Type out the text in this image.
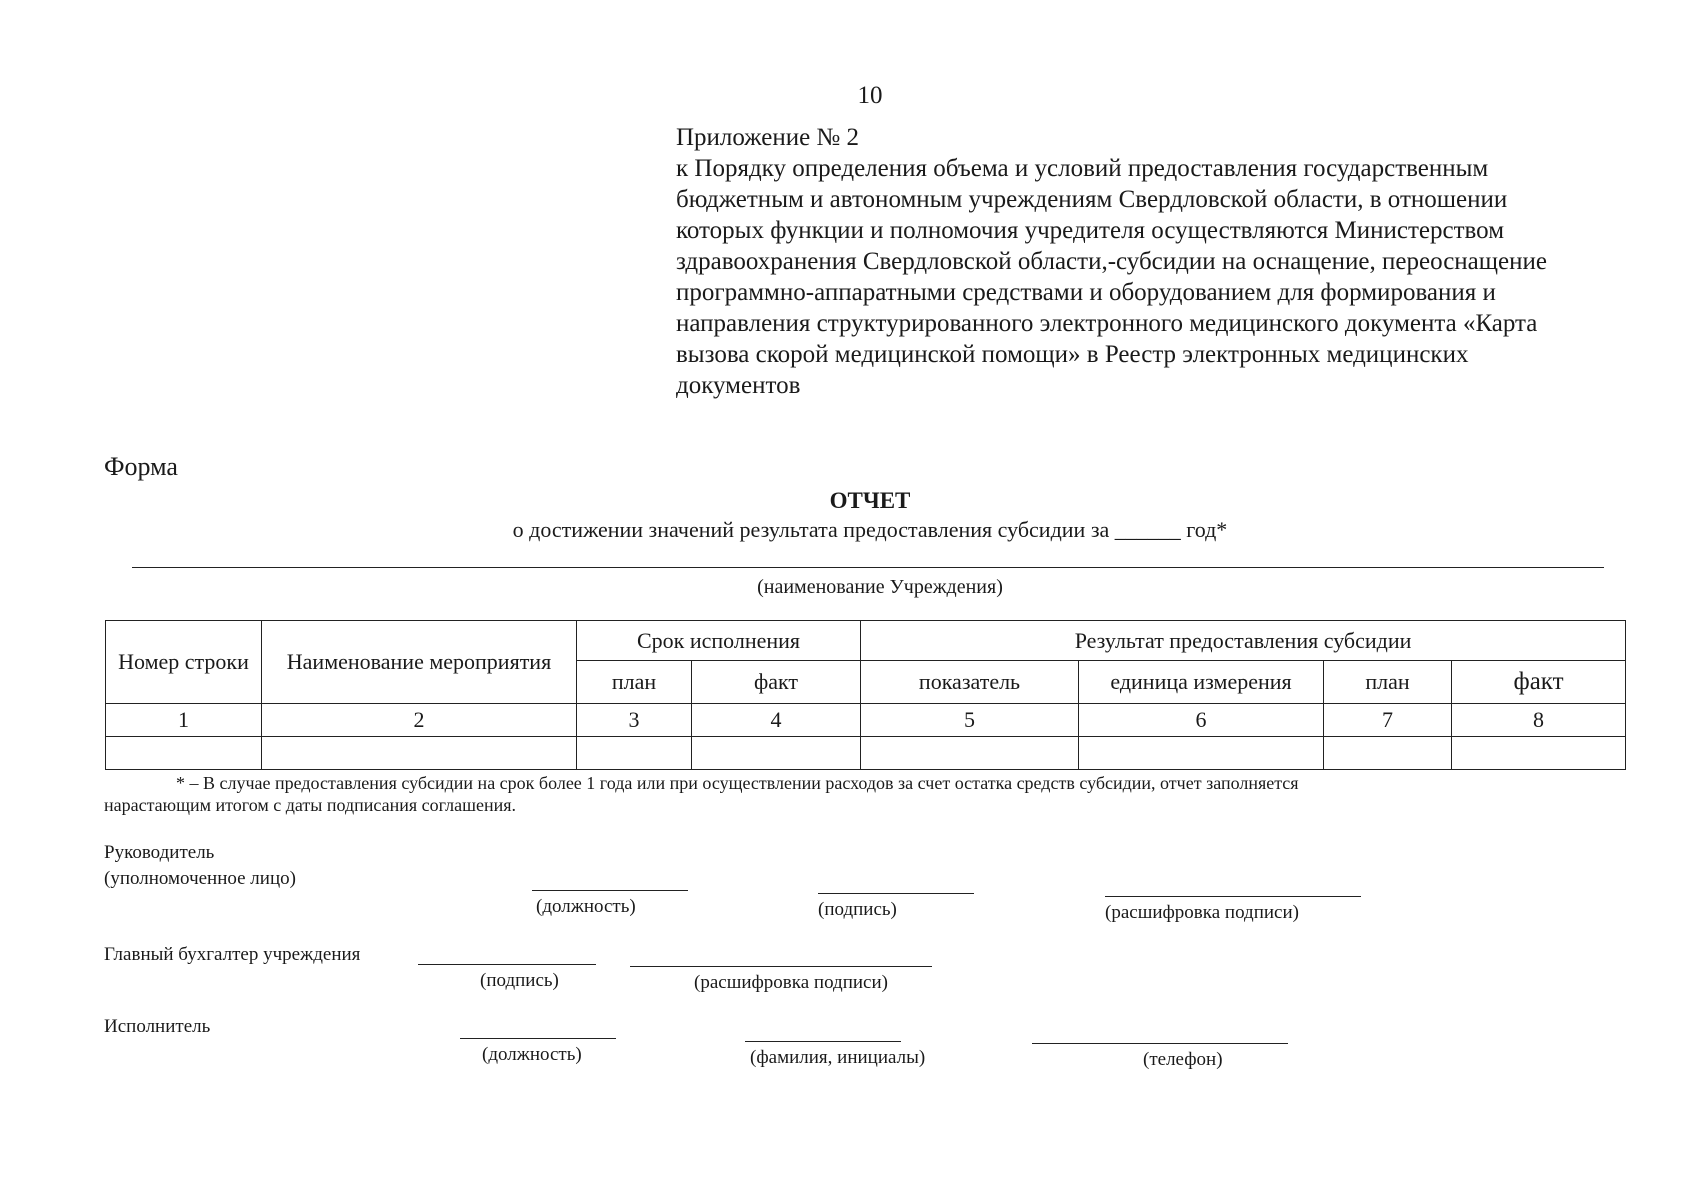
10
Приложение № 2
к Порядку определения объема и условий предоставления государственным
бюджетным и автономным учреждениям Свердловской области, в отношении
которых функции и полномочия учредителя осуществляются Министерством
здравоохранения Свердловской области,-субсидии на оснащение, переоснащение
программно-аппаратными средствами и оборудованием для формирования и
направления структурированного электронного медицинского документа «Карта
вызова скорой медицинской помощи» в Реестр электронных медицинских
документов
Форма
ОТЧЕТ
о достижении значений результата предоставления субсидии за ______ год*
(наименование Учреждения)
Номер строки	Наименование мероприятия	Срок исполнения		Результат предоставления субсидии			
		план	факт	показатель	единица измерения	план	факт
1	2	3	4	5	6	7	8

* – В случае предоставления субсидии на срок более 1 года или при осуществлении расходов за счет остатка средств субсидии, отчет заполняется
нарастающим итогом с даты подписания соглашения.
Руководитель
(уполномоченное лицо)
(должность)	(подпись)	(расшифровка подписи)
Главный бухгалтер учреждения
(подпись)	(расшифровка подписи)
Исполнитель
(должность)	(фамилия, инициалы)	(телефон)
